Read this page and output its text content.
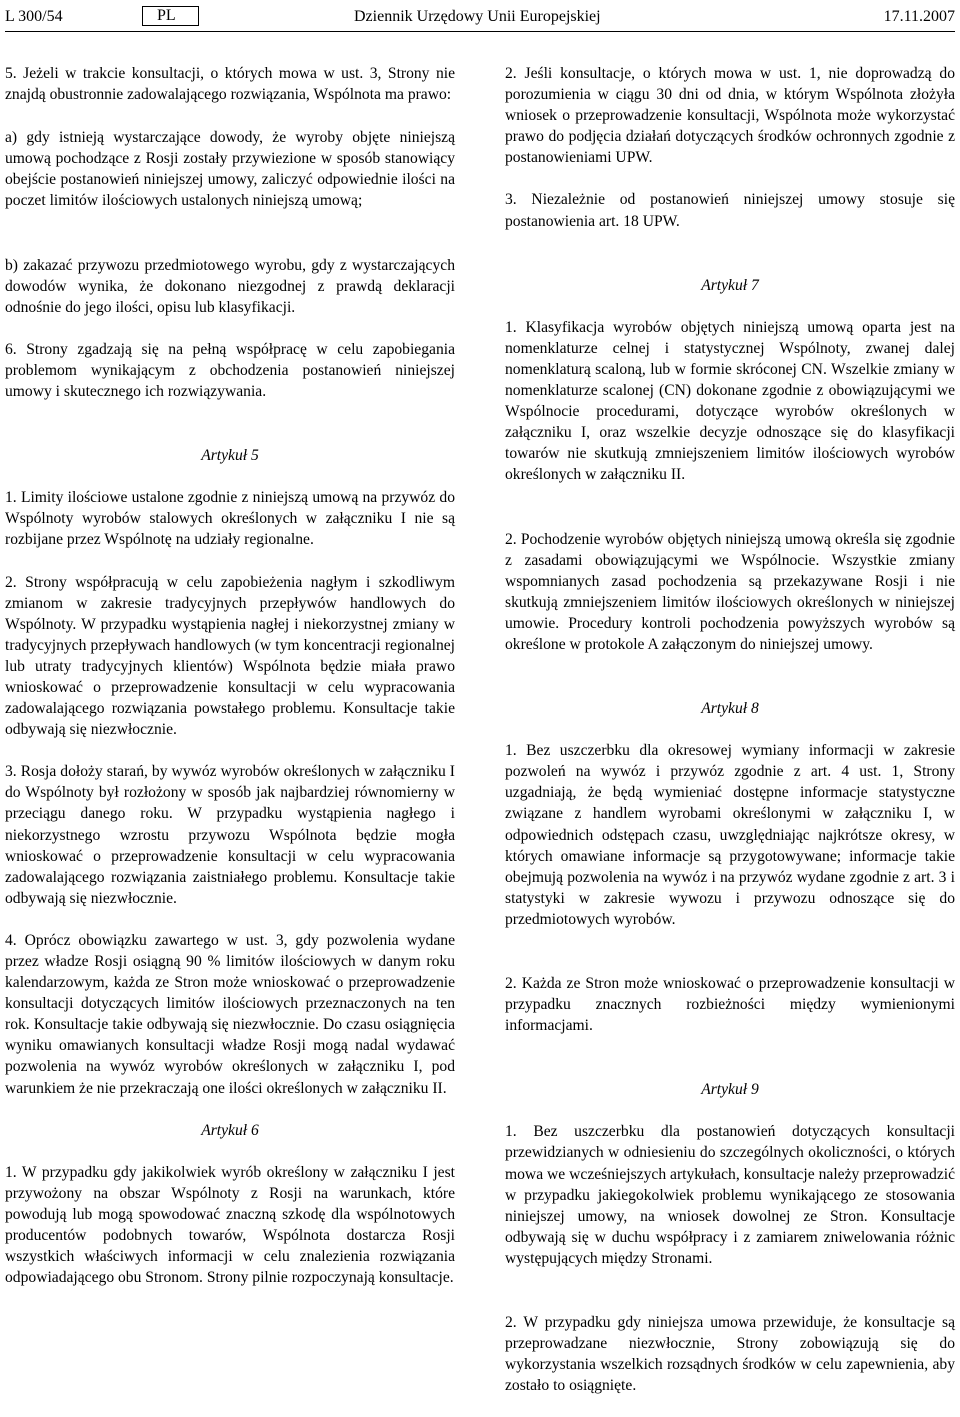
L 300/54	PL	Dziennik Urzędowy Unii Europejskiej	17.11.2007

5. Jeżeli w trakcie konsultacji, o których mowa w ust. 3, Strony nie znajdą obustronnie zadowalającego rozwiązania, Wspólnota ma prawo:

a) gdy istnieją wystarczające dowody, że wyroby objęte niniejszą umową pochodzące z Rosji zostały przywiezione w sposób stanowiący obejście postanowień niniejszej umowy, zaliczyć odpowiednie ilości na poczet limitów ilościowych ustalonych niniejszą umową;

b) zakazać przywozu przedmiotowego wyrobu, gdy z wystarczających dowodów wynika, że dokonano niezgodnej z prawdą deklaracji odnośnie do jego ilości, opisu lub klasyfikacji.

6. Strony zgadzają się na pełną współpracę w celu zapobiegania problemom wynikającym z obchodzenia postanowień niniejszej umowy i skutecznego ich rozwiązywania.

Artykuł 5

1. Limity ilościowe ustalone zgodnie z niniejszą umową na przywóz do Wspólnoty wyrobów stalowych określonych w załączniku I nie są rozbijane przez Wspólnotę na udziały regionalne.

2. Strony współpracują w celu zapobieżenia nagłym i szkodliwym zmianom w zakresie tradycyjnych przepływów handlowych do Wspólnoty. W przypadku wystąpienia nagłej i niekorzystnej zmiany w tradycyjnych przepływach handlowych (w tym koncentracji regionalnej lub utraty tradycyjnych klientów) Wspólnota będzie miała prawo wnioskować o przeprowadzenie konsultacji w celu wypracowania zadowalającego rozwiązania powstałego problemu. Konsultacje takie odbywają się niezwłocznie.

3. Rosja dołoży starań, by wywóz wyrobów określonych w załączniku I do Wspólnoty był rozłożony w sposób jak najbardziej równomierny w przeciągu danego roku. W przypadku wystąpienia nagłego i niekorzystnego wzrostu przywozu Wspólnota będzie mogła wnioskować o przeprowadzenie konsultacji w celu wypracowania zadowalającego rozwiązania zaistniałego problemu. Konsultacje takie odbywają się niezwłocznie.

4. Oprócz obowiązku zawartego w ust. 3, gdy pozwolenia wydane przez władze Rosji osiągną 90 % limitów ilościowych w danym roku kalendarzowym, każda ze Stron może wnioskować o przeprowadzenie konsultacji dotyczących limitów ilościowych przeznaczonych na ten rok. Konsultacje takie odbywają się niezwłocznie. Do czasu osiągnięcia wyniku omawianych konsultacji władze Rosji mogą nadal wydawać pozwolenia na wywóz wyrobów określonych w załączniku I, pod warunkiem że nie przekraczają one ilości określonych w załączniku II.

Artykuł 6

1. W przypadku gdy jakikolwiek wyrób określony w załączniku I jest przywożony na obszar Wspólnoty z Rosji na warunkach, które powodują lub mogą spowodować znaczną szkodę dla wspólnotowych producentów podobnych towarów, Wspólnota dostarcza Rosji wszystkich właściwych informacji w celu znalezienia rozwiązania odpowiadającego obu Stronom. Strony pilnie rozpoczynają konsultacje.

2. Jeśli konsultacje, o których mowa w ust. 1, nie doprowadzą do porozumienia w ciągu 30 dni od dnia, w którym Wspólnota złożyła wniosek o przeprowadzenie konsultacji, Wspólnota może wykorzystać prawo do podjęcia działań dotyczących środków ochronnych zgodnie z postanowieniami UPW.

3. Niezależnie od postanowień niniejszej umowy stosuje się postanowienia art. 18 UPW.

Artykuł 7

1. Klasyfikacja wyrobów objętych niniejszą umową oparta jest na nomenklaturze celnej i statystycznej Wspólnoty, zwanej dalej nomenklaturą scaloną, lub w formie skróconej CN. Wszelkie zmiany w nomenklaturze scalonej (CN) dokonane zgodnie z obowiązującymi we Wspólnocie procedurami, dotyczące wyrobów określonych w załączniku I, oraz wszelkie decyzje odnoszące się do klasyfikacji towarów nie skutkują zmniejszeniem limitów ilościowych wyrobów określonych w załączniku II.

2. Pochodzenie wyrobów objętych niniejszą umową określa się zgodnie z zasadami obowiązującymi we Wspólnocie. Wszystkie zmiany wspomnianych zasad pochodzenia są przekazywane Rosji i nie skutkują zmniejszeniem limitów ilościowych określonych w niniejszej umowie. Procedury kontroli pochodzenia powyższych wyrobów są określone w protokole A załączonym do niniejszej umowy.

Artykuł 8

1. Bez uszczerbku dla okresowej wymiany informacji w zakresie pozwoleń na wywóz i przywóz zgodnie z art. 4 ust. 1, Strony uzgadniają, że będą wymieniać dostępne informacje statystyczne związane z handlem wyrobami określonymi w załączniku I, w odpowiednich odstępach czasu, uwzględniając najkrótsze okresy, w których omawiane informacje są przygotowywane; informacje takie obejmują pozwolenia na wywóz i na przywóz wydane zgodnie z art. 3 i statystyki w zakresie wywozu i przywozu odnoszące się do przedmiotowych wyrobów.

2. Każda ze Stron może wnioskować o przeprowadzenie konsultacji w przypadku znacznych rozbieżności między wymienionymi informacjami.

Artykuł 9

1. Bez uszczerbku dla postanowień dotyczących konsultacji przewidzianych w odniesieniu do szczególnych okoliczności, o których mowa we wcześniejszych artykułach, konsultacje należy przeprowadzić w przypadku jakiegokolwiek problemu wynikającego ze stosowania niniejszej umowy, na wniosek dowolnej ze Stron. Konsultacje odbywają się w duchu współpracy i z zamiarem zniwelowania różnic występujących między Stronami.

2. W przypadku gdy niniejsza umowa przewiduje, że konsultacje są przeprowadzane niezwłocznie, Strony zobowiązują się do wykorzystania wszelkich rozsądnych środków w celu zapewnienia, aby zostało to osiągnięte.
